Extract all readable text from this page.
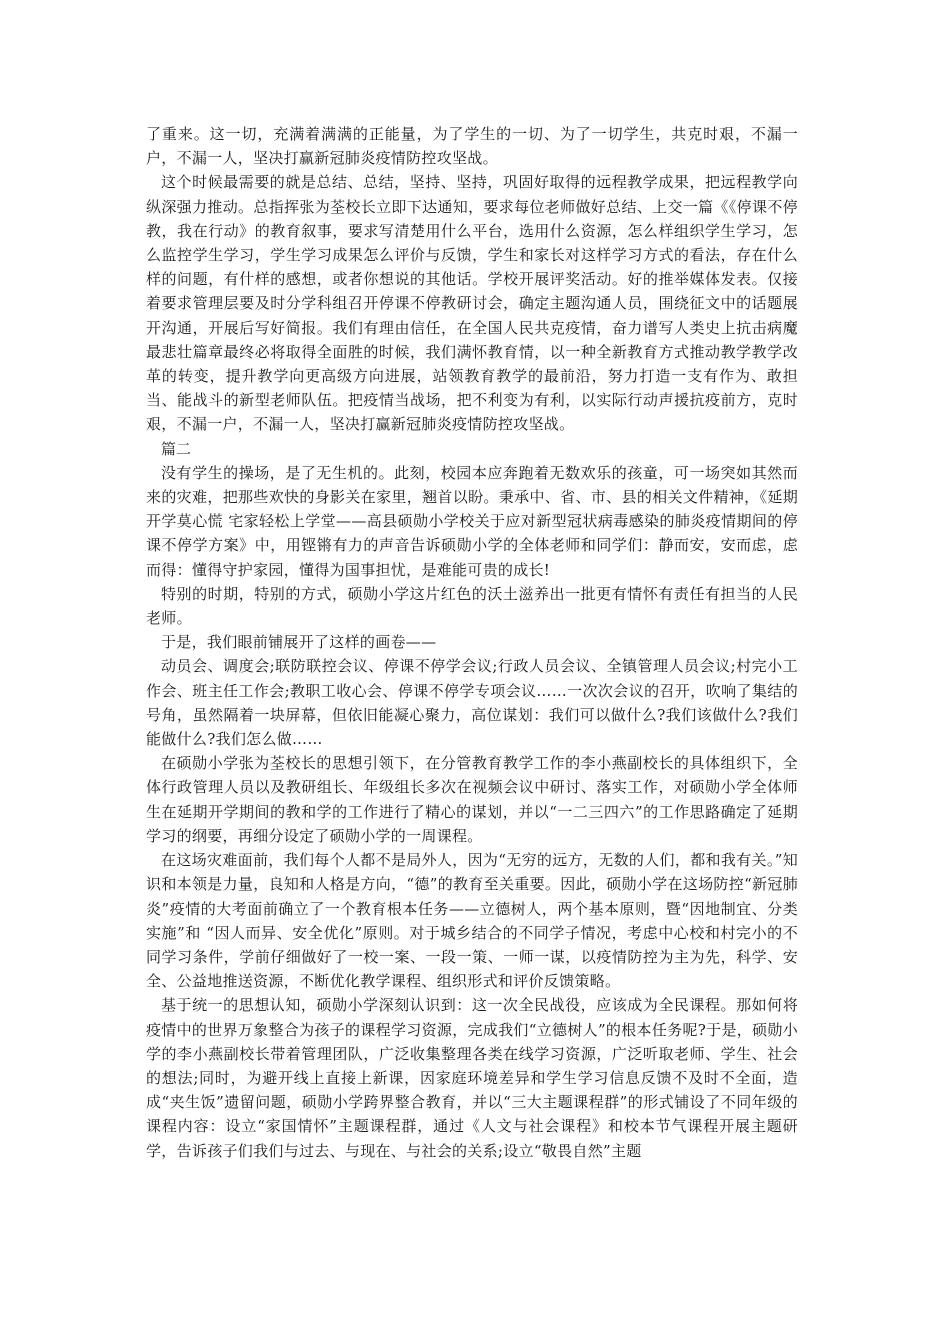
了重来。这一切，充满着满满的正能量，为了学生的一切、为了一切学生，共克时艰，不漏一户，不漏一人，坚决打赢新冠肺炎疫情防控攻坚战。

这个时候最需要的就是总结、总结，坚持、坚持，巩固好取得的远程教学成果，把远程教学向纵深强力推动。总指挥张为荃校长立即下达通知，要求每位老师做好总结、上交一篇《《停课不停教，我在行动》的教育叙事，要求写清楚用什么平台，选用什么资源，怎么样组织学生学习，怎么监控学生学习，学生学习成果怎么评价与反馈，学生和家长对这样学习方式的看法，存在什么样的问题，有什样的感想，或者你想说的其他话。学校开展评奖活动。好的推举媒体发表。仅接着要求管理层要及时分学科组召开停课不停教研讨会，确定主题沟通人员，围绕征文中的话题展开沟通，开展后写好简报。我们有理由信任，在全国人民共克疫情，奋力谱写人类史上抗击病魔最悲壮篇章最终必将取得全面胜的时候，我们满怀教育情，以一种全新教育方式推动教学教学改革的转变，提升教学向更高级方向进展，站领教育教学的最前沿，努力打造一支有作为、敢担当、能战斗的新型老师队伍。把疫情当战场，把不利变为有利，以实际行动声援抗疫前方，克时艰，不漏一户，不漏一人，坚决打赢新冠肺炎疫情防控攻坚战。

篇二

没有学生的操场，是了无生机的。此刻，校园本应奔跑着无数欢乐的孩童，可一场突如其然而来的灾难，把那些欢快的身影关在家里，翘首以盼。秉承中、省、市、县的相关文件精神，《延期开学莫心慌 宅家轻松上学堂——高县硕勋小学校关于应对新型冠状病毒感染的肺炎疫情期间的停课不停学方案》中，用铿锵有力的声音告诉硕勋小学的全体老师和同学们：静而安，安而虑，虑而得：懂得守护家园，懂得为国事担忧，是难能可贵的成长!

特别的时期，特别的方式，硕勋小学这片红色的沃土滋养出一批更有情怀有责任有担当的人民老师。

于是，我们眼前铺展开了这样的画卷——

动员会、调度会;联防联控会议、停课不停学会议;行政人员会议、全镇管理人员会议;村完小工作会、班主任工作会;教职工收心会、停课不停学专项会议……一次次会议的召开，吹响了集结的号角，虽然隔着一块屏幕，但依旧能凝心聚力，高位谋划：我们可以做什么?我们该做什么?我们能做什么?我们怎么做……

在硕勋小学张为荃校长的思想引领下，在分管教育教学工作的李小燕副校长的具体组织下，全体行政管理人员以及教研组长、年级组长多次在视频会议中研讨、落实工作，对硕勋小学全体师生在延期开学期间的教和学的工作进行了精心的谋划，并以“一二三四六”的工作思路确定了延期学习的纲要，再细分设定了硕勋小学的一周课程。

在这场灾难面前，我们每个人都不是局外人，因为“无穷的远方，无数的人们，都和我有关。”知识和本领是力量，良知和人格是方向，“德”的教育至关重要。因此，硕勋小学在这场防控“新冠肺炎”疫情的大考面前确立了一个教育根本任务——立德树人，两个基本原则，暨“因地制宜、分类实施”和 “因人而异、安全优化”原则。对于城乡结合的不同学子情况，考虑中心校和村完小的不同学习条件，学前仔细做好了一校一案、一段一策、一师一谋，以疫情防控为主为先，科学、安全、公益地推送资源，不断优化教学课程、组织形式和评价反馈策略。

基于统一的思想认知，硕勋小学深刻认识到：这一次全民战役，应该成为全民课程。那如何将疫情中的世界万象整合为孩子的课程学习资源，完成我们“立德树人”的根本任务呢?于是，硕勋小学的李小燕副校长带着管理团队，广泛收集整理各类在线学习资源，广泛听取老师、学生、社会的想法;同时，为避开线上直接上新课，因家庭环境差异和学生学习信息反馈不及时不全面，造成“夹生饭”遗留问题，硕勋小学跨界整合教育，并以“三大主题课程群”的形式铺设了不同年级的课程内容：设立“家国情怀”主题课程群，通过《人文与社会课程》和校本节气课程开展主题研学，告诉孩子们我们与过去、与现在、与社会的关系;设立“敬畏自然”主题
